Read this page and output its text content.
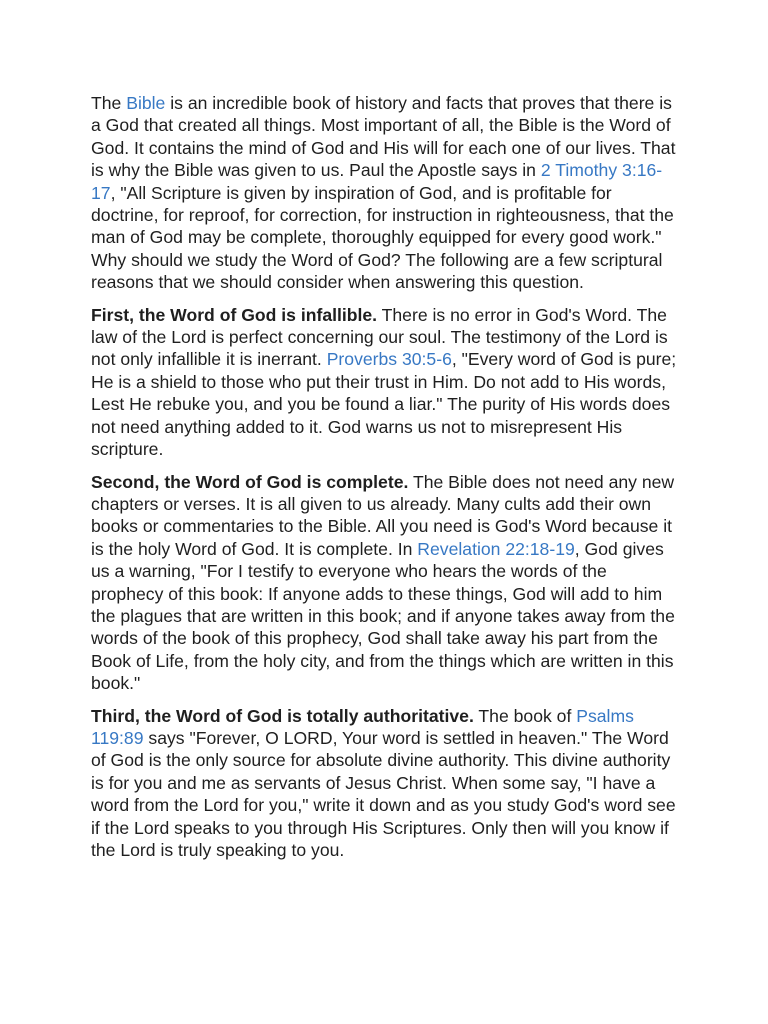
The Bible is an incredible book of history and facts that proves that there is a God that created all things. Most important of all, the Bible is the Word of God. It contains the mind of God and His will for each one of our lives. That is why the Bible was given to us. Paul the Apostle says in 2 Timothy 3:16-17, "All Scripture is given by inspiration of God, and is profitable for doctrine, for reproof, for correction, for instruction in righteousness, that the man of God may be complete, thoroughly equipped for every good work." Why should we study the Word of God? The following are a few scriptural reasons that we should consider when answering this question.

First, the Word of God is infallible. There is no error in God's Word. The law of the Lord is perfect concerning our soul. The testimony of the Lord is not only infallible it is inerrant. Proverbs 30:5-6, "Every word of God is pure; He is a shield to those who put their trust in Him. Do not add to His words, Lest He rebuke you, and you be found a liar." The purity of His words does not need anything added to it. God warns us not to misrepresent His scripture.

Second, the Word of God is complete. The Bible does not need any new chapters or verses. It is all given to us already. Many cults add their own books or commentaries to the Bible. All you need is God's Word because it is the holy Word of God. It is complete. In Revelation 22:18-19, God gives us a warning, "For I testify to everyone who hears the words of the prophecy of this book: If anyone adds to these things, God will add to him the plagues that are written in this book; and if anyone takes away from the words of the book of this prophecy, God shall take away his part from the Book of Life, from the holy city, and from the things which are written in this book."

Third, the Word of God is totally authoritative. The book of Psalms 119:89 says "Forever, O LORD, Your word is settled in heaven." The Word of God is the only source for absolute divine authority. This divine authority is for you and me as servants of Jesus Christ. When some say, "I have a word from the Lord for you," write it down and as you study God's word see if the Lord speaks to you through His Scriptures. Only then will you know if the Lord is truly speaking to you.
